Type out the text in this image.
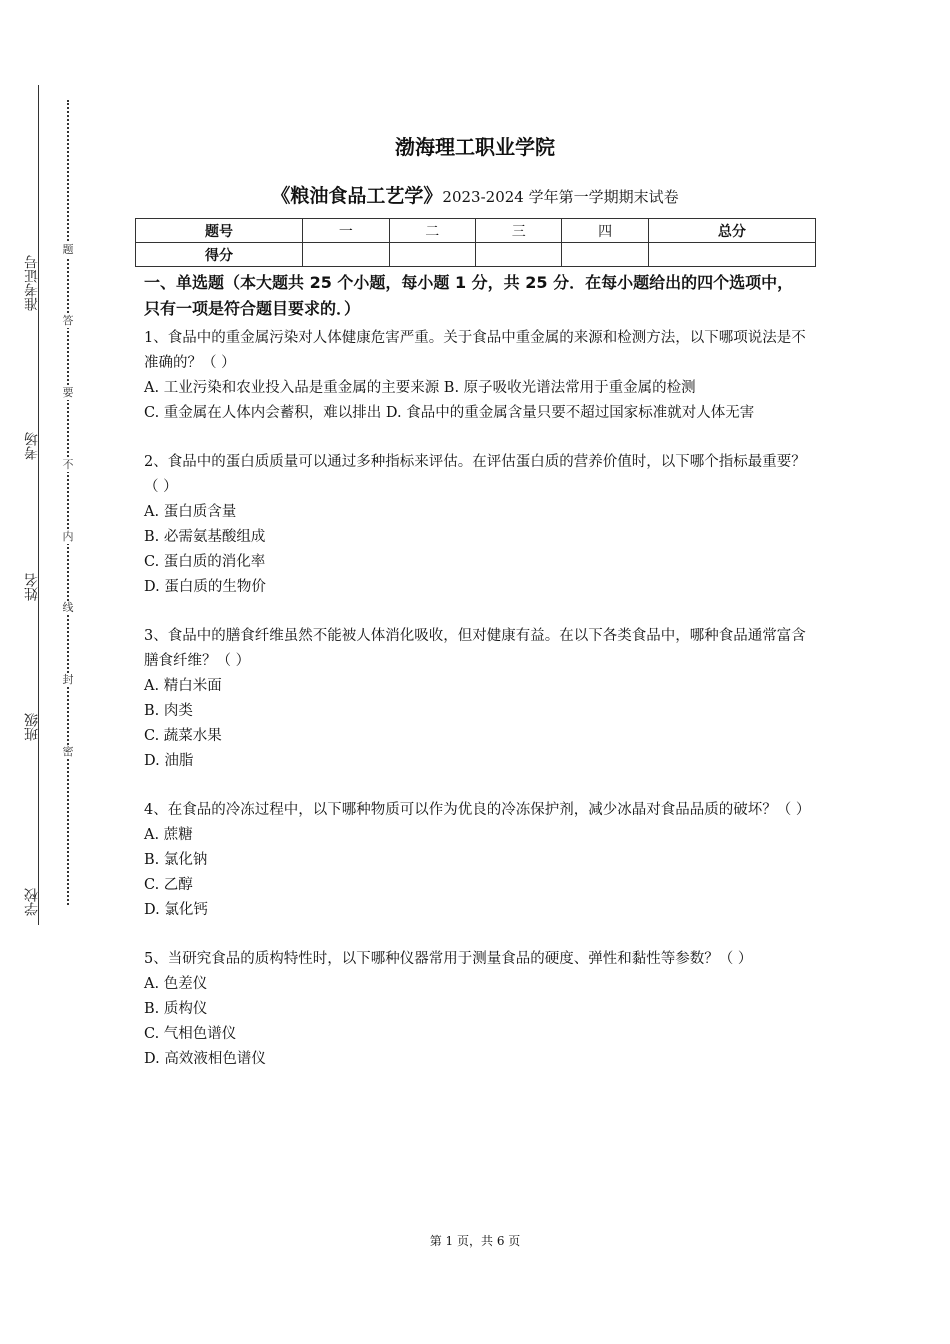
准考证号
考场
姓名
班级
学校
题
答
要
不
内
线
封
密
渤海理工职业学院
《粮油食品工艺学》2023-2024 学年第一学期期末试卷
题号	一	二	三	四	总分
得分					
一、单选题（本大题共 25 个小题，每小题 1 分，共 25 分．在每小题给出的四个选项中，只有一项是符合题目要求的．）
1、食品中的重金属污染对人体健康危害严重。关于食品中重金属的来源和检测方法，以下哪项说法是不准确的？（ ）
A. 工业污染和农业投入品是重金属的主要来源 B. 原子吸收光谱法常用于重金属的检测
C. 重金属在人体内会蓄积，难以排出 D. 食品中的重金属含量只要不超过国家标准就对人体无害
2、食品中的蛋白质质量可以通过多种指标来评估。在评估蛋白质的营养价值时，以下哪个指标最重要？（ ）
A. 蛋白质含量
B. 必需氨基酸组成
C. 蛋白质的消化率
D. 蛋白质的生物价
3、食品中的膳食纤维虽然不能被人体消化吸收，但对健康有益。在以下各类食品中，哪种食品通常富含膳食纤维？（ ）
A. 精白米面
B. 肉类
C. 蔬菜水果
D. 油脂
4、在食品的冷冻过程中，以下哪种物质可以作为优良的冷冻保护剂，减少冰晶对食品品质的破坏？（ ）
A. 蔗糖
B. 氯化钠
C. 乙醇
D. 氯化钙
5、当研究食品的质构特性时，以下哪种仪器常用于测量食品的硬度、弹性和黏性等参数？（ ）
A. 色差仪
B. 质构仪
C. 气相色谱仪
D. 高效液相色谱仪
第 1 页，共 6 页
